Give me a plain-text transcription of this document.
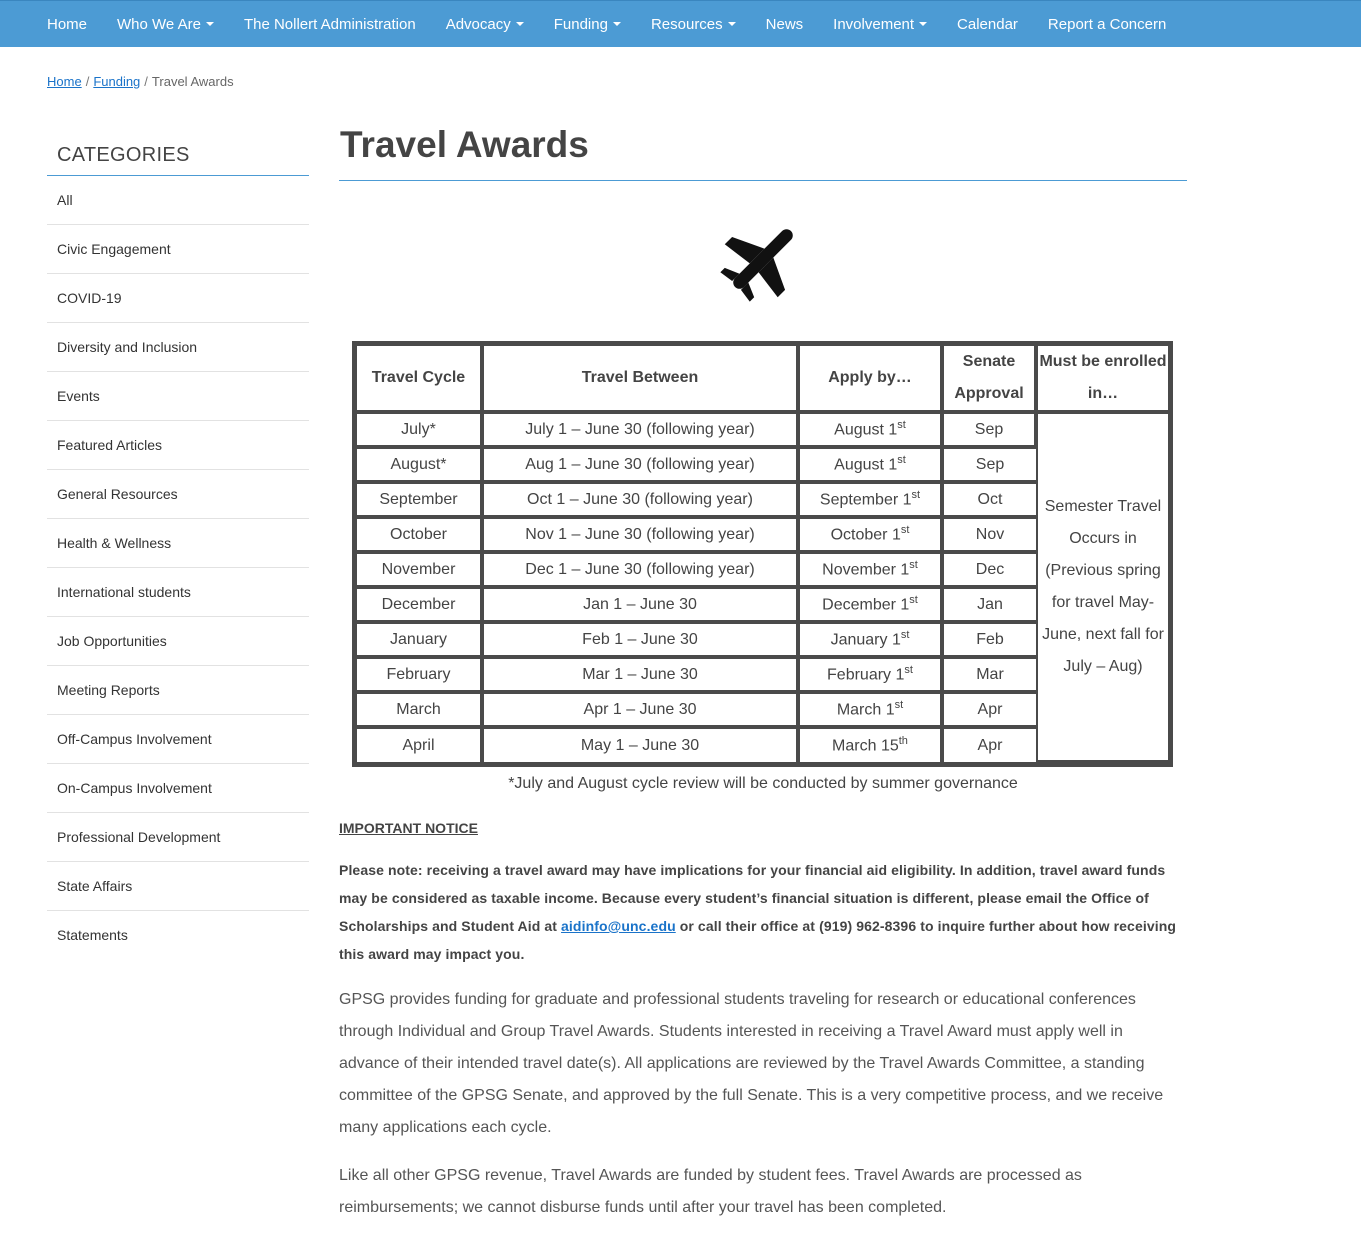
Home Who We Are	The Nollert Administration Advocacy	Funding	Resources	News Involvement	Calendar Report a Concern
Home / Funding / Travel Awards
CATEGORIES
All
Civic Engagement
COVID-19
Diversity and Inclusion
Events
Featured Articles
General Resources
Health & Wellness
International students
Job Opportunities
Meeting Reports
Off-Campus Involvement
On-Campus Involvement
Professional Development
State Affairs
Statements
Travel Awards
Travel Cycle	Travel Between	Apply by…	Senate Approval	Must be enrolled in…
July*	July 1 – June 30 (following year)	August 1st	Sep	Semester Travel Occurs in (Previous spring for travel May-June, next fall for July – Aug)
August*	Aug 1 – June 30 (following year)	August 1st	Sep	
September	Oct 1 – June 30 (following year)	September 1st	Oct	
October	Nov 1 – June 30 (following year)	October 1st	Nov	
November	Dec 1 – June 30 (following year)	November 1st	Dec	
December	Jan 1 – June 30	December 1st	Jan	
January	Feb 1 – June 30	January 1st	Feb	
February	Mar 1 – June 30	February 1st	Mar	
March	Apr 1 – June 30	March 1st	Apr	
April	May 1 – June 30	March 15th	Apr	
*July and August cycle review will be conducted by summer governance
IMPORTANT NOTICE
Please note: receiving a travel award may have implications for your financial aid eligibility. In addition, travel award funds may be considered as taxable income. Because every student’s financial situation is different, please email the Office of Scholarships and Student Aid at aidinfo@unc.edu or call their office at (919) 962-8396 to inquire further about how receiving this award may impact you.

GPSG provides funding for graduate and professional students traveling for research or educational conferences through Individual and Group Travel Awards. Students interested in receiving a Travel Award must apply well in advance of their intended travel date(s). All applications are reviewed by the Travel Awards Committee, a standing committee of the GPSG Senate, and approved by the full Senate. This is a very competitive process, and we receive many applications each cycle.

Like all other GPSG revenue, Travel Awards are funded by student fees. Travel Awards are processed as reimbursements; we cannot disburse funds until after your travel has been completed.
